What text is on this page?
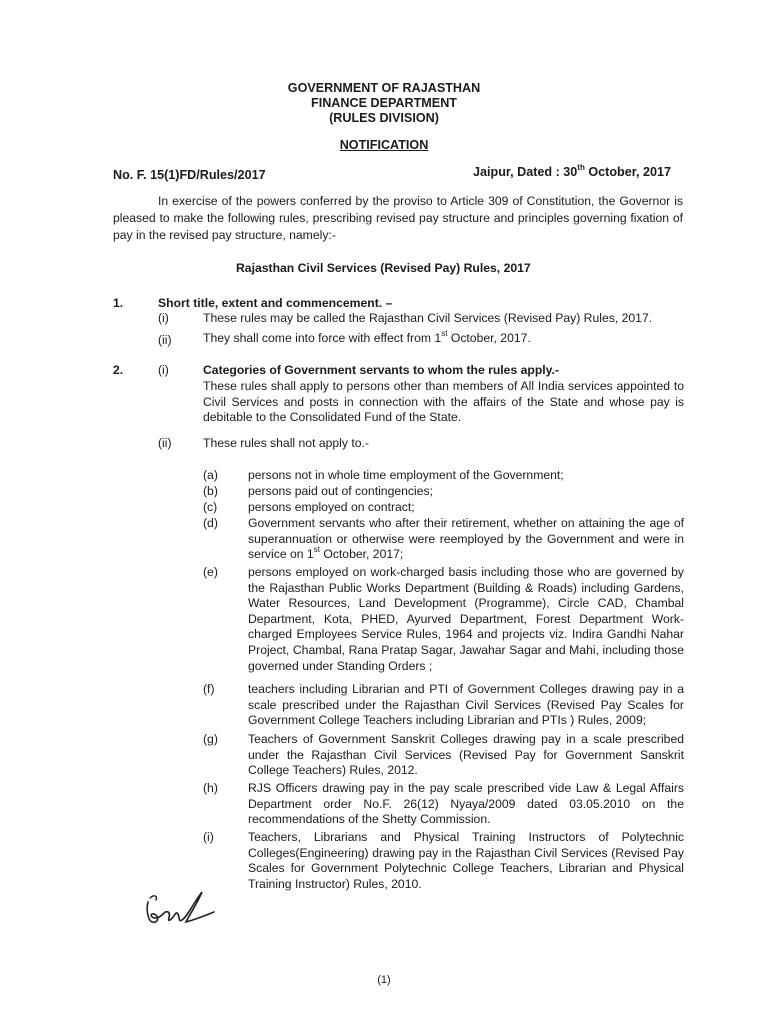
GOVERNMENT OF RAJASTHAN
FINANCE DEPARTMENT
(RULES DIVISION)
NOTIFICATION
No. F. 15(1)FD/Rules/2017	Jaipur, Dated : 30th October, 2017
In exercise of the powers conferred by the proviso to Article 309 of Constitution, the Governor is pleased to make the following rules, prescribing revised pay structure and principles governing fixation of pay in the revised pay structure, namely:-
Rajasthan Civil Services (Revised Pay) Rules, 2017
1.	Short title, extent and commencement. –
(i)	These rules may be called the Rajasthan Civil Services (Revised Pay) Rules, 2017.
(ii)	They shall come into force with effect from 1st October, 2017.
2.	(i)	Categories of Government servants to whom the rules apply.-
These rules shall apply to persons other than members of All India services appointed to Civil Services and posts in connection with the affairs of the State and whose pay is debitable to the Consolidated Fund of the State.
(ii)	These rules shall not apply to.-
(a) persons not in whole time employment of the Government;
(b) persons paid out of contingencies;
(c)	persons employed on contract;
(d) Government servants who after their retirement, whether on attaining the age of superannuation or otherwise were reemployed by the Government and were in service on 1st October, 2017;
(e) persons employed on work-charged basis including those who are governed by the Rajasthan Public Works Department (Building & Roads) including Gardens, Water Resources, Land Development (Programme), Circle CAD, Chambal Department, Kota, PHED, Ayurved Department, Forest Department Work-charged Employees Service Rules, 1964 and projects viz. Indira Gandhi Nahar Project, Chambal, Rana Pratap Sagar, Jawahar Sagar and Mahi, including those governed under Standing Orders ;
(f)	teachers including Librarian and PTI of Government Colleges drawing pay in a scale prescribed under the Rajasthan Civil Services (Revised Pay Scales for Government College Teachers including Librarian and PTIs ) Rules, 2009;
(g) Teachers of Government Sanskrit Colleges drawing pay in a scale prescribed under the Rajasthan Civil Services (Revised Pay for Government Sanskrit College Teachers) Rules, 2012.
(h) RJS Officers drawing pay in the pay scale prescribed vide Law & Legal Affairs Department order No.F. 26(12) Nyaya/2009 dated 03.05.2010 on the recommendations of the Shetty Commission.
(i)	Teachers, Librarians and Physical Training Instructors of Polytechnic Colleges(Engineering) drawing pay in the Rajasthan Civil Services (Revised Pay Scales for Government Polytechnic College Teachers, Librarian and Physical Training Instructor) Rules, 2010.
(1)
